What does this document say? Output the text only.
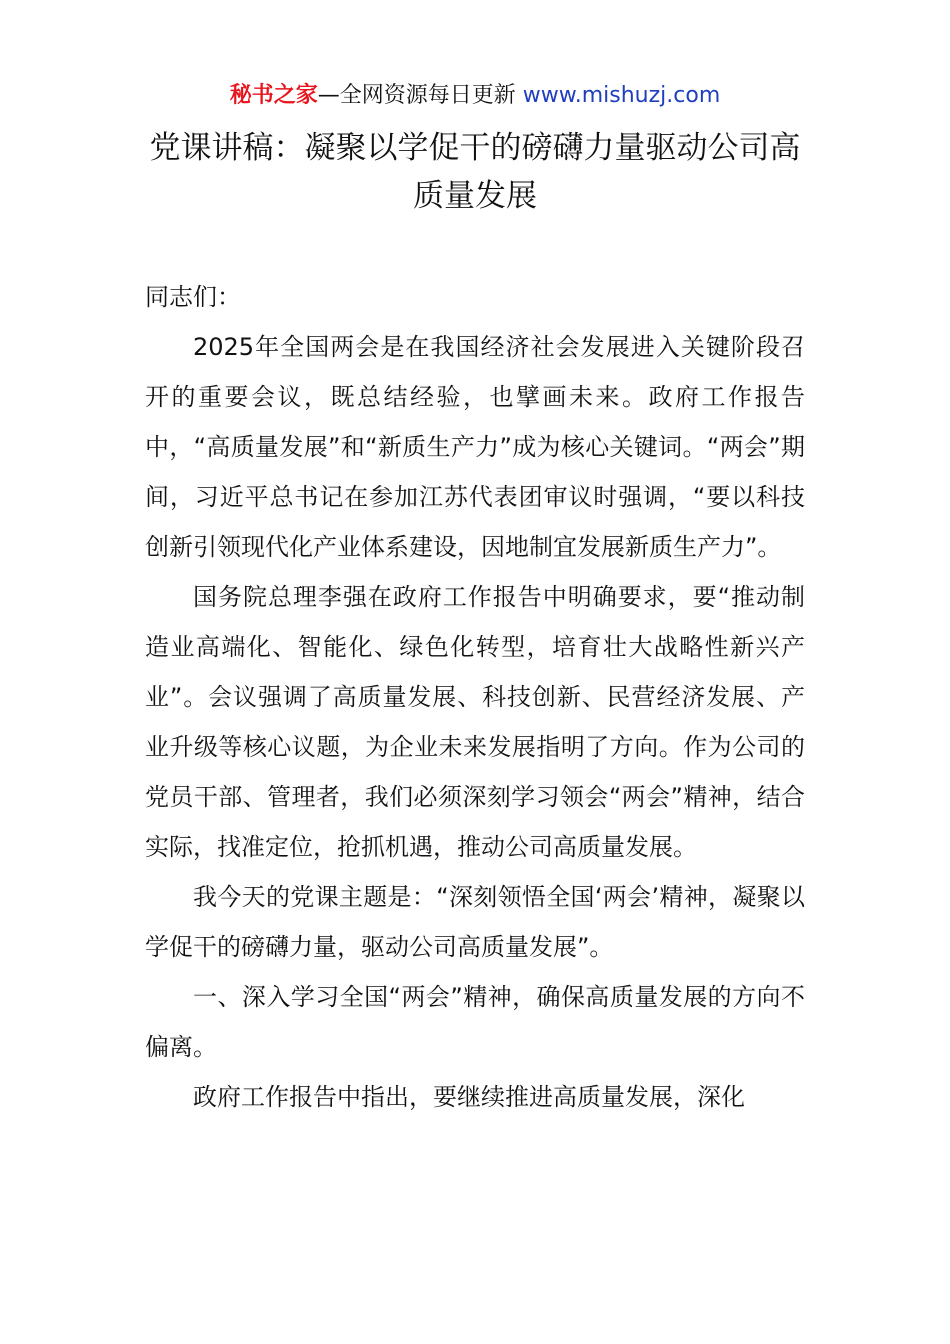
秘书之家—全网资源每日更新 www.mishuzj.com
党课讲稿：凝聚以学促干的磅礴力量驱动公司高质量发展

同志们：

2025年全国两会是在我国经济社会发展进入关键阶段召开的重要会议，既总结经验，也擘画未来。政府工作报告中，“高质量发展”和“新质生产力”成为核心关键词。“两会”期间，习近平总书记在参加江苏代表团审议时强调，“要以科技创新引领现代化产业体系建设，因地制宜发展新质生产力”。

国务院总理李强在政府工作报告中明确要求，要“推动制造业高端化、智能化、绿色化转型，培育壮大战略性新兴产业”。会议强调了高质量发展、科技创新、民营经济发展、产业升级等核心议题，为企业未来发展指明了方向。作为公司的党员干部、管理者，我们必须深刻学习领会“两会”精神，结合实际，找准定位，抢抓机遇，推动公司高质量发展。

我今天的党课主题是：“深刻领悟全国‘两会’精神，凝聚以学促干的磅礴力量，驱动公司高质量发展”。

一、深入学习全国“两会”精神，确保高质量发展的方向不偏离。

政府工作报告中指出，要继续推进高质量发展，深化
